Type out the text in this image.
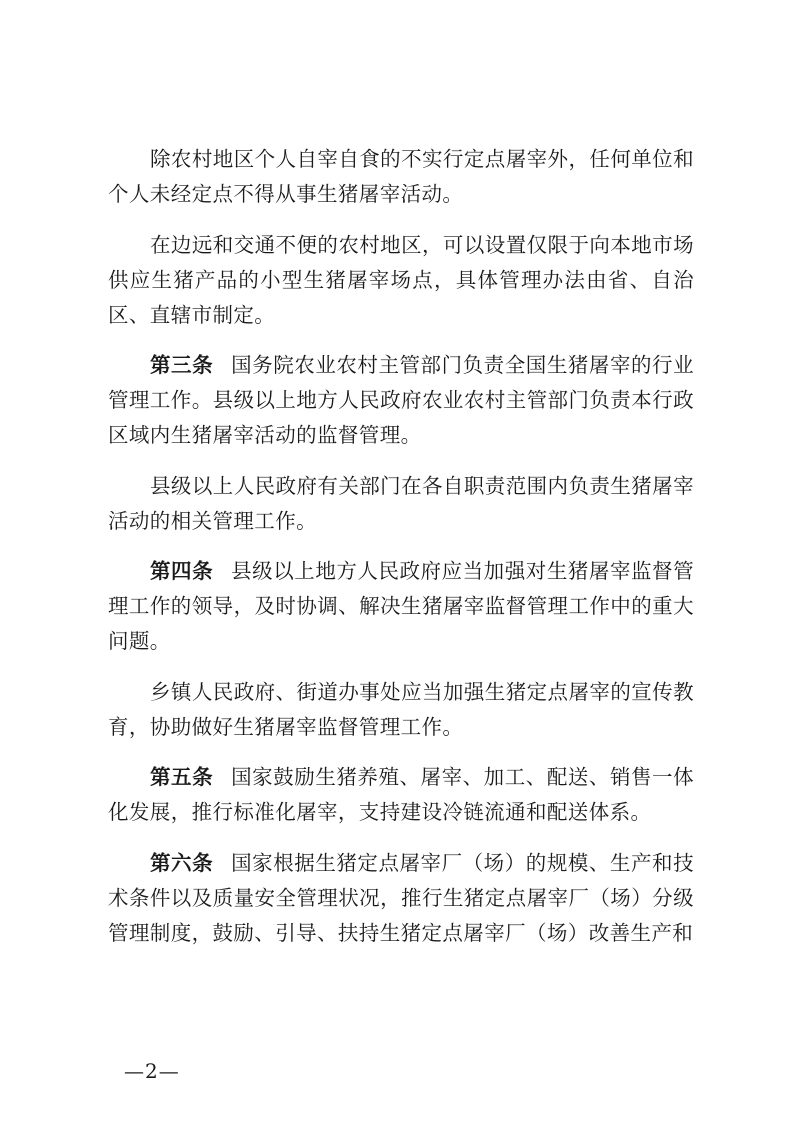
除农村地区个人自宰自食的不实行定点屠宰外，任何单位和个人未经定点不得从事生猪屠宰活动。

在边远和交通不便的农村地区，可以设置仅限于向本地市场供应生猪产品的小型生猪屠宰场点，具体管理办法由省、自治区、直辖市制定。

第三条 国务院农业农村主管部门负责全国生猪屠宰的行业管理工作。县级以上地方人民政府农业农村主管部门负责本行政区域内生猪屠宰活动的监督管理。

县级以上人民政府有关部门在各自职责范围内负责生猪屠宰活动的相关管理工作。

第四条 县级以上地方人民政府应当加强对生猪屠宰监督管理工作的领导，及时协调、解决生猪屠宰监督管理工作中的重大问题。

乡镇人民政府、街道办事处应当加强生猪定点屠宰的宣传教育，协助做好生猪屠宰监督管理工作。

第五条 国家鼓励生猪养殖、屠宰、加工、配送、销售一体化发展，推行标准化屠宰，支持建设冷链流通和配送体系。

第六条 国家根据生猪定点屠宰厂（场）的规模、生产和技术条件以及质量安全管理状况，推行生猪定点屠宰厂（场）分级管理制度，鼓励、引导、扶持生猪定点屠宰厂（场）改善生产和

—2—
